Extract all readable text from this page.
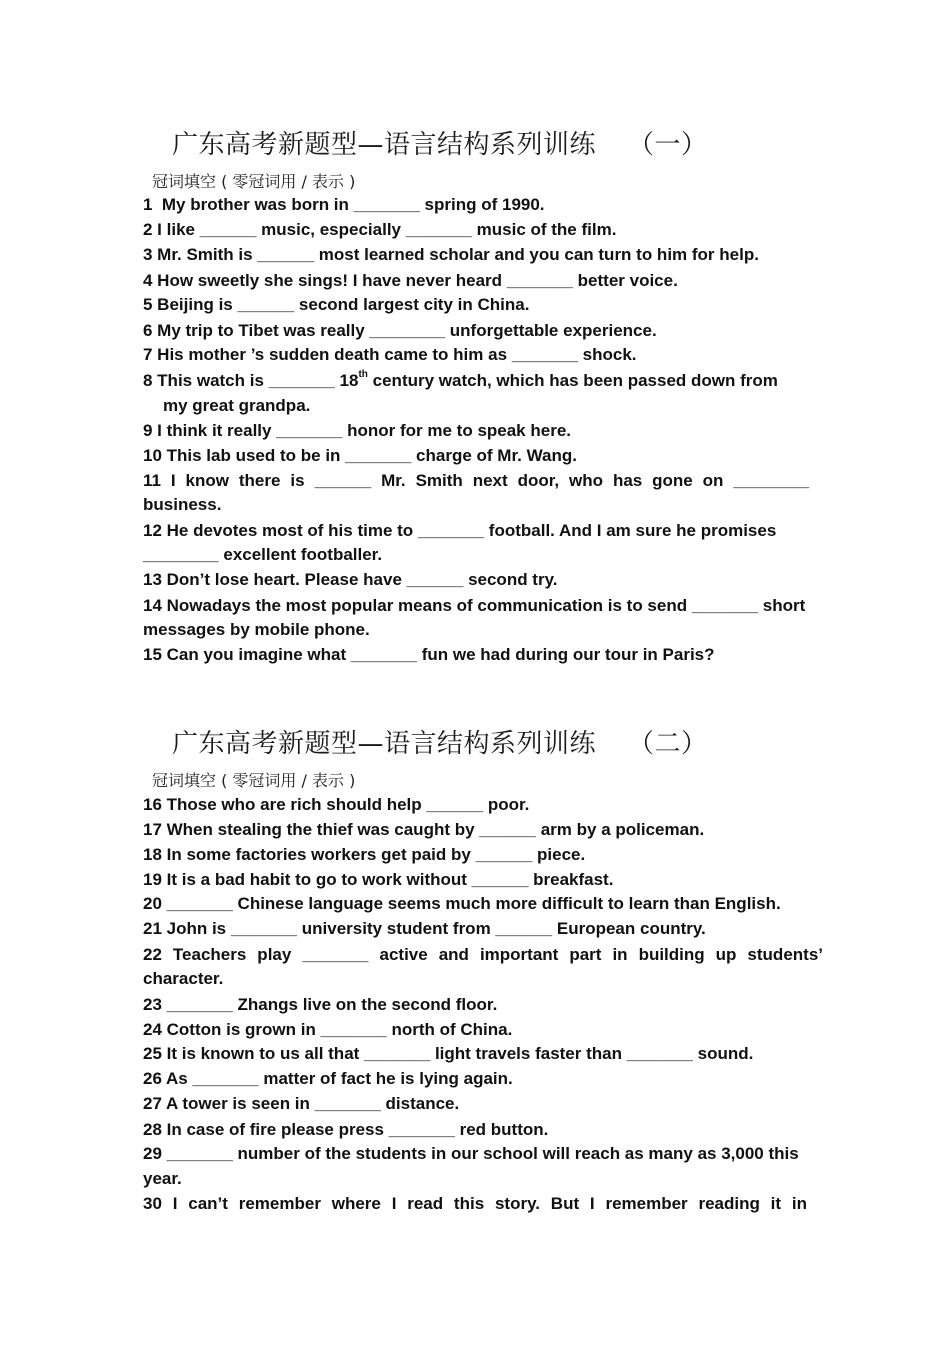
广东高考新题型—语言结构系列训练 （一）
冠词填空 ( 零冠词用 / 表示 )
1  My brother was born in _______ spring of 1990.
2 I like ______ music, especially _______ music of the film.
3 Mr. Smith is ______ most learned scholar and you can turn to him for help.
4 How sweetly she sings! I have never heard _______ better voice.
5 Beijing is ______ second largest city in China.
6 My trip to Tibet was really ________ unforgettable experience.
7 His mother ’s sudden death came to him as _______ shock.
8 This watch is _______ 18th century watch, which has been passed down from
my great grandpa.
9 I think it really _______ honor for me to speak here.
10 This lab used to be in _______ charge of Mr. Wang.
11 I know there is ______ Mr. Smith next door, who has gone on ________
business.
12 He devotes most of his time to _______ football. And I am sure he promises
________ excellent footballer.
13 Don’t lose heart. Please have ______ second try.
14 Nowadays the most popular means of communication is to send _______ short
messages by mobile phone.
15 Can you imagine what _______ fun we had during our tour in Paris?
广东高考新题型—语言结构系列训练 （二）
冠词填空 ( 零冠词用 / 表示 )
16 Those who are rich should help ______ poor.
17 When stealing the thief was caught by ______ arm by a policeman.
18 In some factories workers get paid by ______ piece.
19 It is a bad habit to go to work without ______ breakfast.
20 _______ Chinese language seems much more difficult to learn than English.
21 John is _______ university student from ______ European country.
22 Teachers play _______ active and important part in building up students’
character.
23 _______ Zhangs live on the second floor.
24 Cotton is grown in _______ north of China.
25 It is known to us all that _______ light travels faster than _______ sound.
26 As _______ matter of fact he is lying again.
27 A tower is seen in _______ distance.
28 In case of fire please press _______ red button.
29 _______ number of the students in our school will reach as many as 3,000 this
year.
30 I can’t remember where I read this story. But I remember reading it in
